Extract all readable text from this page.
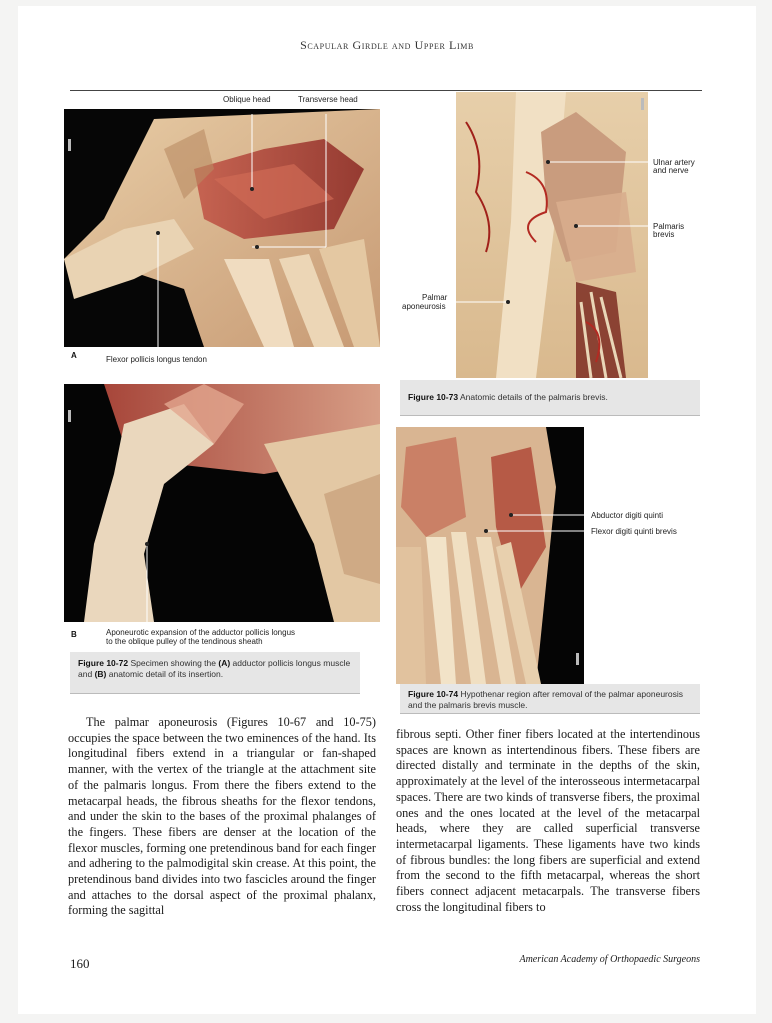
Scapular Girdle and Upper Limb
Oblique head	Transverse head
A	Flexor pollicis longus tendon
B	Aponeurotic expansion of the adductor pollicis longus
to the oblique pulley of the tendinous sheath
Figure 10-72 Specimen showing the (A) adductor pollicis longus muscle and (B) anatomic detail of its insertion.
Ulnar artery
and nerve
Palmaris
brevis
Palmar
aponeurosis
Figure 10-73 Anatomic details of the palmaris brevis.
Abductor digiti quinti
Flexor digiti quinti brevis
Figure 10-74 Hypothenar region after removal of the palmar aponeurosis and the palmaris brevis muscle.

The palmar aponeurosis (Figures 10-67 and 10-75) occupies the space between the two eminences of the hand. Its longitudinal fibers extend in a triangular or fan-shaped manner, with the vertex of the triangle at the attachment site of the palmaris longus. From there the fibers extend to the metacarpal heads, the fibrous sheaths for the flexor tendons, and under the skin to the bases of the proximal phalanges of the fingers. These fibers are denser at the location of the flexor muscles, forming one pretendinous band for each finger and adhering to the palmodigital skin crease. At this point, the pretendinous band divides into two fascicles around the finger and attaches to the dorsal aspect of the proximal phalanx, forming the sagittal

fibrous septi. Other finer fibers located at the intertendinous spaces are known as intertendinous fibers. These fibers are directed distally and terminate in the depths of the skin, approximately at the level of the interosseous intermetacarpal spaces. There are two kinds of transverse fibers, the proximal ones and the ones located at the level of the metacarpal heads, where they are called superficial transverse intermetacarpal ligaments. These ligaments have two kinds of fibrous bundles: the long fibers are superficial and extend from the second to the fifth metacarpal, whereas the short fibers connect adjacent metacarpals. The transverse fibers cross the longitudinal fibers to

160	American Academy of Orthopaedic Surgeons
